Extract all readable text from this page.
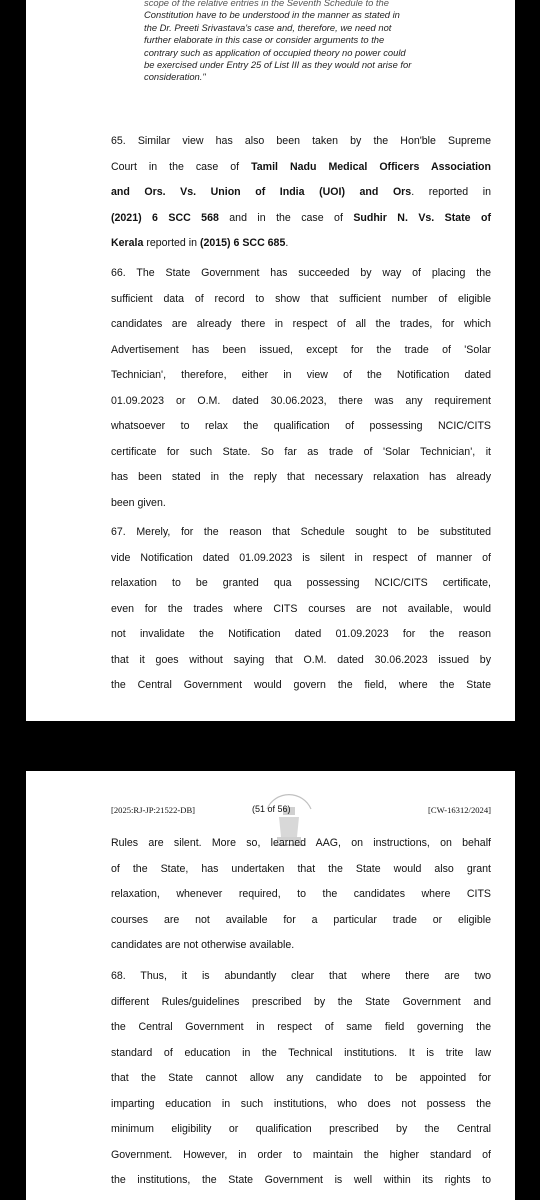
scope of the relative entries in the Seventh Schedule to the
Constitution have to be understood in the manner as stated in
the Dr. Preeti Srivastava's case and, therefore, we need not
further elaborate in this case or consider arguments to the
contrary such as application of occupied theory no power could
be exercised under Entry 25 of List III as they would not arise for
consideration."
65. Similar view has also been taken by the Hon'ble Supreme
Court in the case of Tamil Nadu Medical Officers Association
and Ors. Vs. Union of India (UOI) and Ors. reported in
(2021) 6 SCC 568 and in the case of Sudhir N. Vs. State of
Kerala reported in (2015) 6 SCC 685.
66. The State Government has succeeded by way of placing the
sufficient data of record to show that sufficient number of eligible
candidates are already there in respect of all the trades, for which
Advertisement has been issued, except for the trade of 'Solar
Technician', therefore, either in view of the Notification dated
01.09.2023 or O.M. dated 30.06.2023, there was any requirement
whatsoever to relax the qualification of possessing NCIC/CITS
certificate for such State. So far as trade of 'Solar Technician', it
has been stated in the reply that necessary relaxation has already
been given.
67. Merely, for the reason that Schedule sought to be substituted
vide Notification dated 01.09.2023 is silent in respect of manner of
relaxation to be granted qua possessing NCIC/CITS certificate,
even for the trades where CITS courses are not available, would
not invalidate the Notification dated 01.09.2023 for the reason
that it goes without saying that O.M. dated 30.06.2023 issued by
the Central Government would govern the field, where the State
[2025:RJ-JP:21522-DB]	(51 of 56)	[CW-16312/2024]
Rules are silent. More so, learned AAG, on instructions, on behalf
of the State, has undertaken that the State would also grant
relaxation, whenever required, to the candidates where CITS
courses are not available for a particular trade or eligible
candidates are not otherwise available.
68. Thus, it is abundantly clear that where there are two
different Rules/guidelines prescribed by the State Government and
the Central Government in respect of same field governing the
standard of education in the Technical institutions. It is trite law
that the State cannot allow any candidate to be appointed for
imparting education in such institutions, who does not possess the
minimum eligibility or qualification prescribed by the Central
Government. However, in order to maintain the higher standard of
the institutions, the State Government is well within its rights to
